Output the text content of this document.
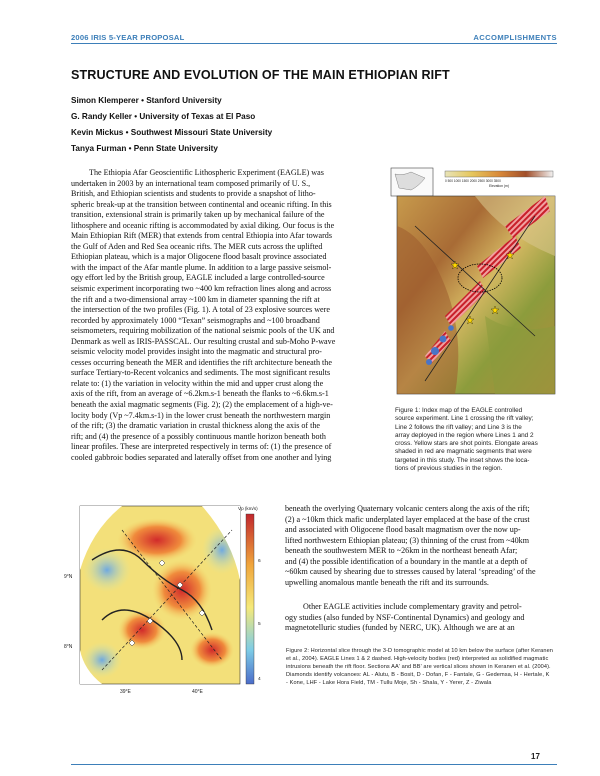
2006 IRIS 5-YEAR PROPOSAL	ACCOMPLISHMENTS
STRUCTURE AND EVOLUTION OF THE MAIN ETHIOPIAN RIFT
Simon Klemperer • Stanford University
G. Randy Keller • University of Texas at El Paso
Kevin Mickus • Southwest Missouri State University
Tanya Furman • Penn State University
The Ethiopia Afar Geoscientific Lithospheric Experiment (EAGLE) was
undertaken in 2003 by an international team composed primarily of U. S.,
British, and Ethiopian scientists and students to provide a snapshot of litho-
spheric break-up at the transition between continental and oceanic rifting. In this
transition, extensional strain is primarily taken up by mechanical failure of the
lithosphere and oceanic rifting is accommodated by axial diking. Our focus is the
Main Ethiopian Rift (MER) that extends from central Ethiopia into Afar towards
the Gulf of Aden and Red Sea oceanic rifts. The MER cuts across the uplifted
Ethiopian plateau, which is a major Oligocene flood basalt province associated
with the impact of the Afar mantle plume. In addition to a large passive seismol-
ogy effort led by the British group, EAGLE included a large controlled-source
seismic experiment incorporating two ~400 km refraction lines along and across
the rift and a two-dimensional array ~100 km in diameter spanning the rift at
the intersection of the two profiles (Fig. 1). A total of 23 explosive sources were
recorded by approximately 1000 “Texan” seismographs and ~100 broadband
seismometers, requiring mobilization of the national seismic pools of the UK and
Denmark as well as IRIS-PASSCAL. Our resulting crustal and sub-Moho P-wave
seismic velocity model provides insight into the magmatic and structural pro-
cesses occurring beneath the MER and identifies the rift architecture beneath the
surface Tertiary-to-Recent volcanics and sediments. The most significant results
relate to: (1) the variation in velocity within the mid and upper crust along the
axis of the rift, from an average of ~6.2km.s-1 beneath the flanks to ~6.6km.s-1
beneath the axial magmatic segments (Fig. 2); (2) the emplacement of a high-ve-
locity body (Vp ~7.4km.s-1) in the lower crust beneath the northwestern margin
of the rift; (3) the dramatic variation in crustal thickness along the axis of the
rift; and (4) the presence of a possibly continuous mantle horizon beneath both
linear profiles. These are interpreted respectively in terms of: (1) the presence of
cooled gabbroic bodies separated and laterally offset from one another and lying
0 500 1000 1500 2000 2500 3000 3500
Elevation (m)
Figure 1: Index map of the EAGLE controlled
source experiment. Line 1 crossing the rift valley;
Line 2 follows the rift valley; and Line 3 is the
array deployed in the region where Lines 1 and 2
cross. Yellow stars are shot points. Elongate areas
shaded in red are magmatic segments that were
targeted in this study. The inset shows the loca-
tions of previous studies in the region.
beneath the overlying Quaternary volcanic centers along the axis of the rift;
(2) a ~10km thick mafic underplated layer emplaced at the base of the crust
and associated with Oligocene flood basalt magmatism over the now up-
lifted northwestern Ethiopian plateau; (3) thinning of the crust from ~40km
beneath the southwestern MER to ~26km in the northeast beneath Afar;
and (4) the possible identification of a boundary in the mantle at a depth of
~60km caused by shearing due to stresses caused by lateral ‘spreading’ of the
upwelling anomalous mantle beneath the rift and its surrounds.
Other EAGLE activities include complementary gravity and petrol-
ogy studies (also funded by NSF-Continental Dynamics) and geology and
magnetotelluric studies (funded by NERC, UK). Although we are at an
9°N
8°N
39°E	40°E
Vp (km/s)
6
5
4
Figure 2: Horizontal slice through the 3-D tomographic model at 10 km below the surface (after Keranen
et al., 2004). EAGLE Lines 1 & 2 dashed. High-velocity bodies (red) interpreted as solidified magmatic
intrusions beneath the rift floor. Sections AA' and BB' are vertical slices shown in Keranen et al. (2004).
Diamonds identify volcanoes: AL - Alutu, B - Bosit, D - Dofan, F - Fantale, G - Gedemsa, H - Hertale, K
- Kone, LHF - Lake Hora Field, TM - Tullu Moje, Sh - Shala, Y - Yerer, Z - Ziwala
17
